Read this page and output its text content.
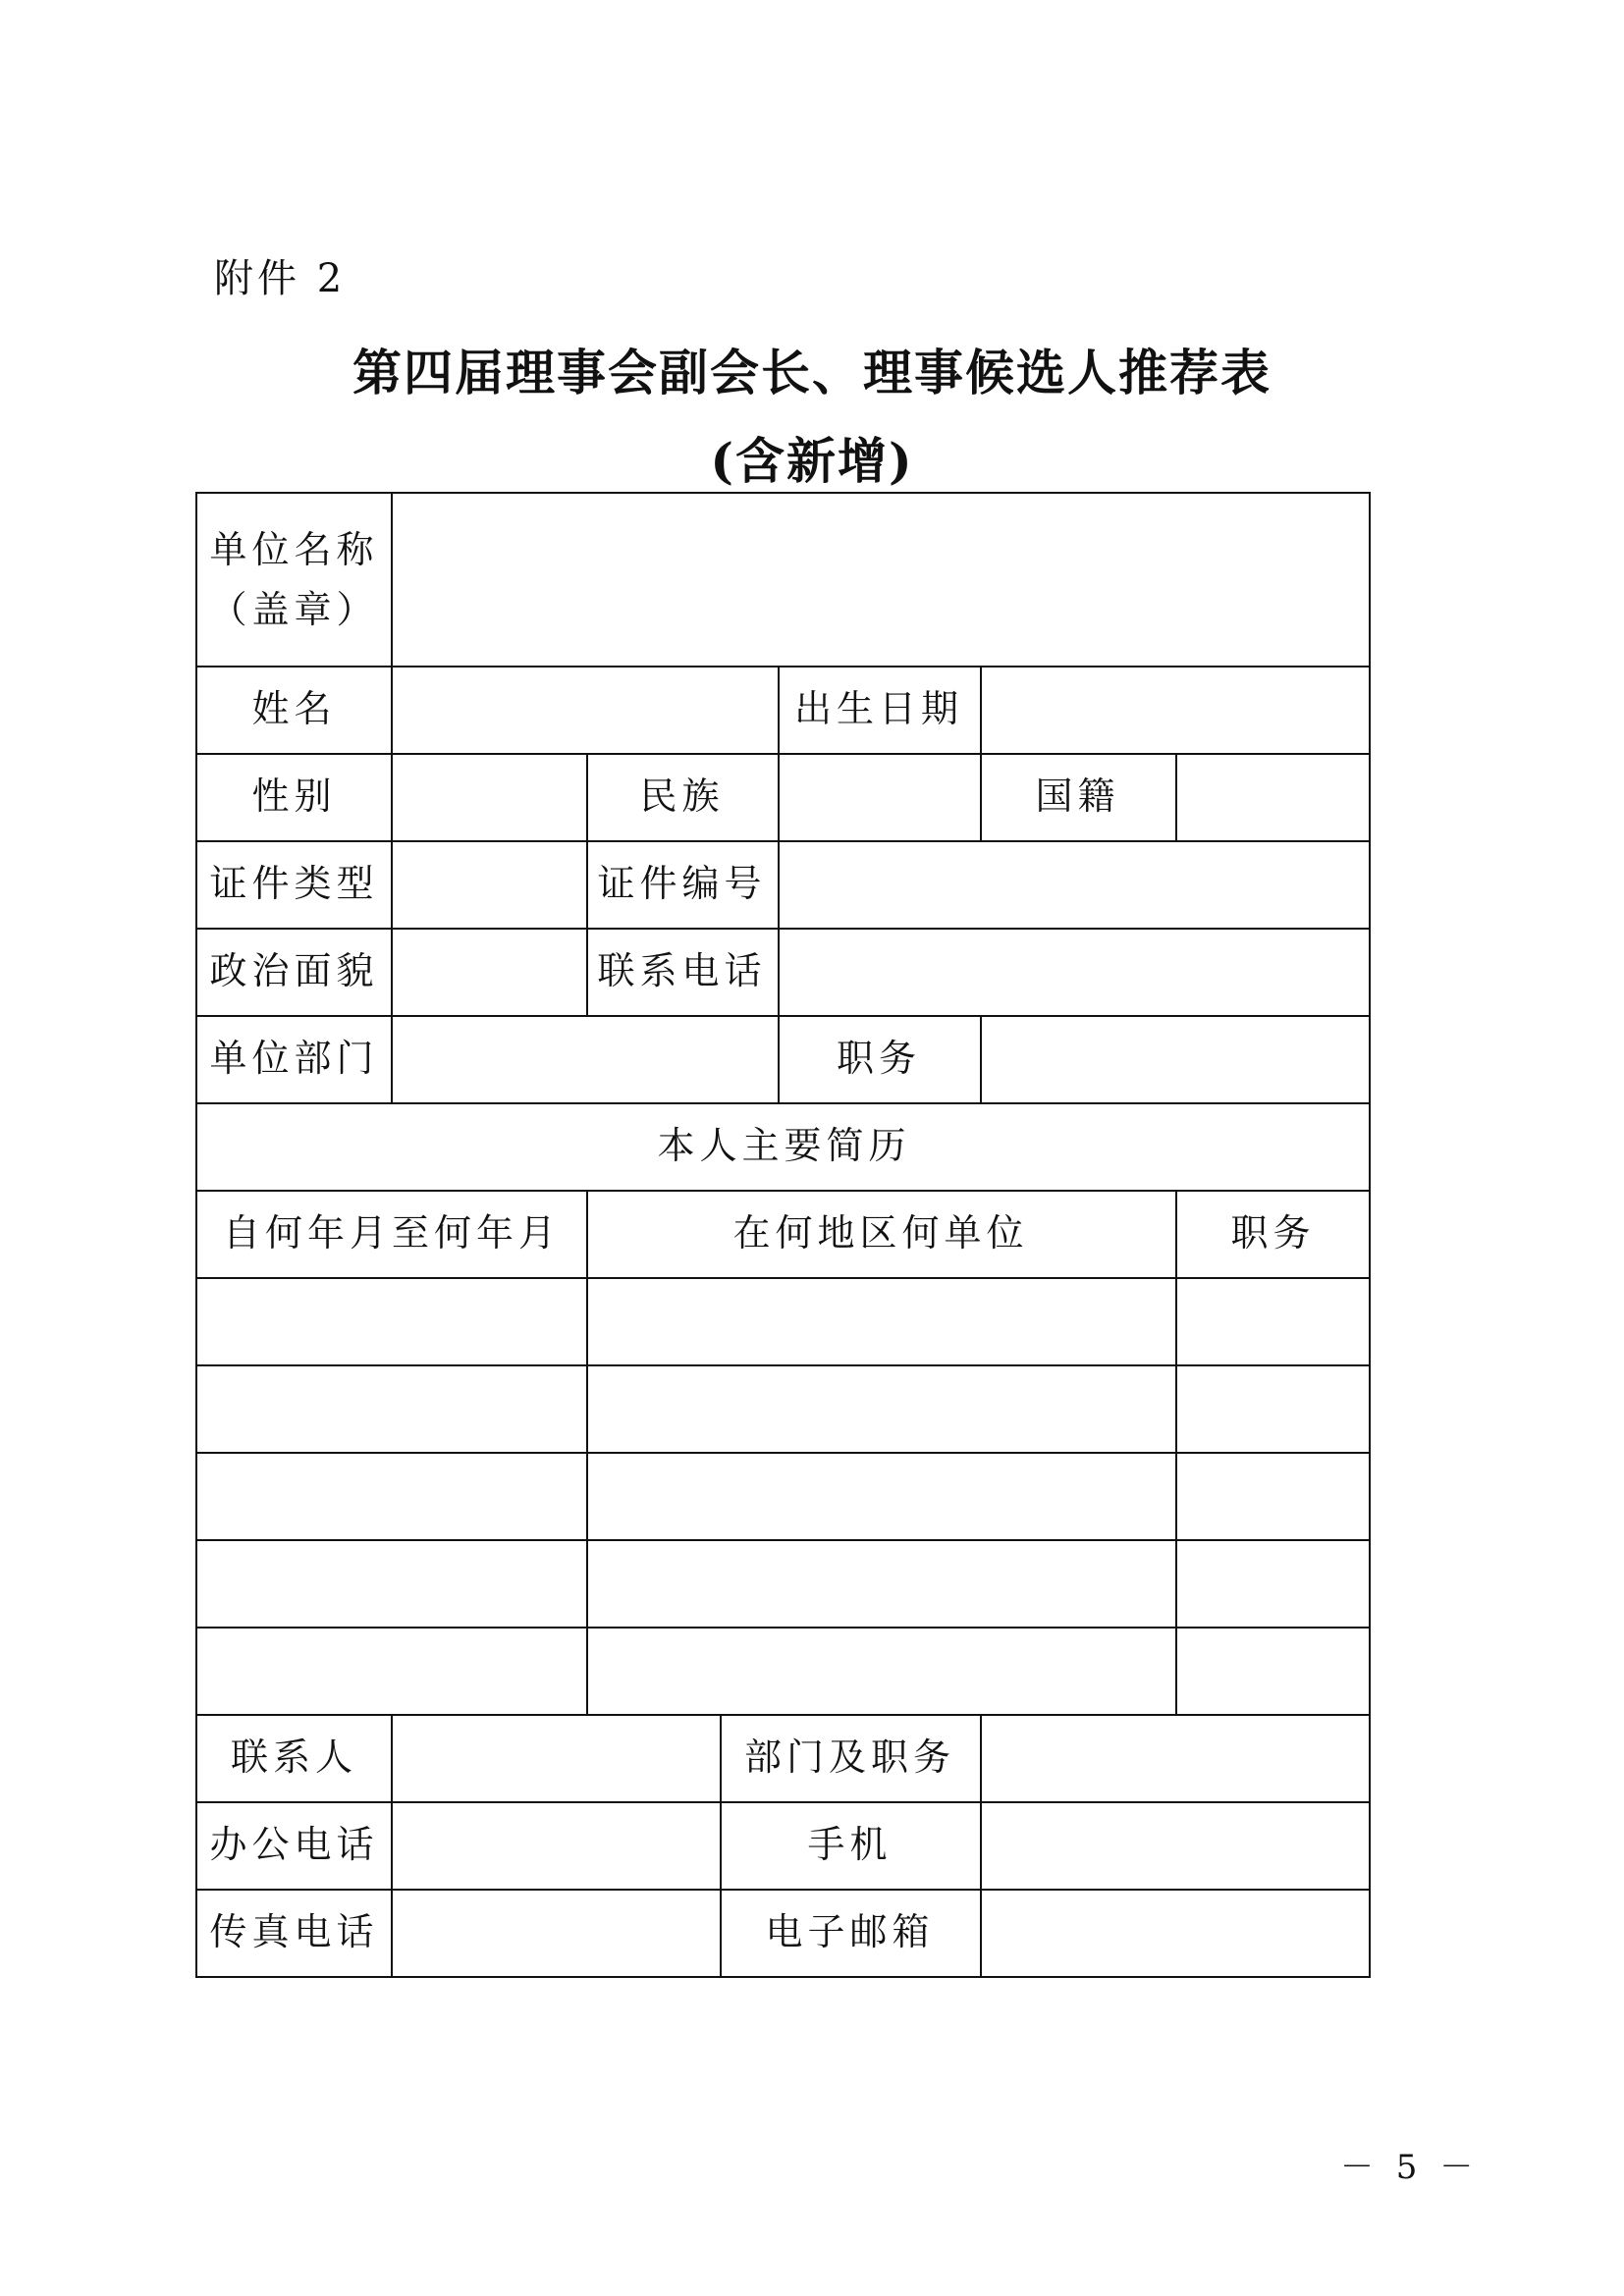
附件 2
第四届理事会副会长、理事候选人推荐表
(含新增)
单位名称
（盖章）
姓名	出生日期
性别	民族	国籍
证件类型	证件编号
政治面貌	联系电话
单位部门	职务
本人主要简历
自何年月至何年月	在何地区何单位	职务
联系人	部门及职务
办公电话	手机
传真电话	电子邮箱
－ 5 －
